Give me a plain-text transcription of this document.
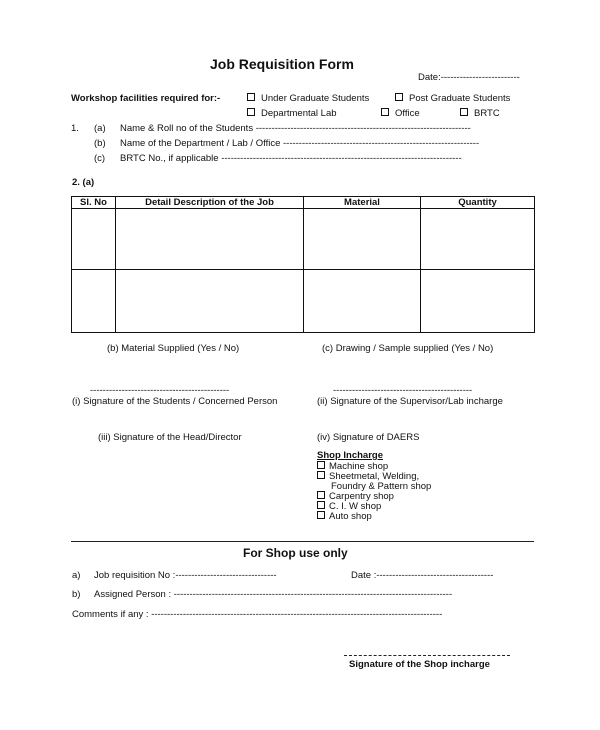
Job Requisition Form
Date:-------------------------
Workshop facilities required for:-	Under Graduate Students	Post Graduate Students
Departmental Lab	Office	BRTC
1. (a) Name & Roll no of the Students --------------------------------------------------------------------
(b) Name of the Department / Lab / Office --------------------------------------------------------------
(c) BRTC No., if applicable ----------------------------------------------------------------------------
2. (a)
Sl. No	Detail Description of the Job	Material	Quantity

(b) Material Supplied (Yes / No)	(c) Drawing / Sample supplied (Yes / No)
--------------------------------------------	--------------------------------------------
(i) Signature of the Students / Concerned Person	(ii) Signature of the Supervisor/Lab incharge
(iii) Signature of the Head/Director	(iv) Signature of DAERS
Shop Incharge
Machine shop
Sheetmetal, Welding,
Foundry & Pattern shop
Carpentry shop
C. I. W shop
Auto shop
For Shop use only
a) Job requisition No :--------------------------------	Date :-------------------------------------
b) Assigned Person : ----------------------------------------------------------------------------------------
Comments if any : --------------------------------------------------------------------------------------------
Signature of the Shop incharge
